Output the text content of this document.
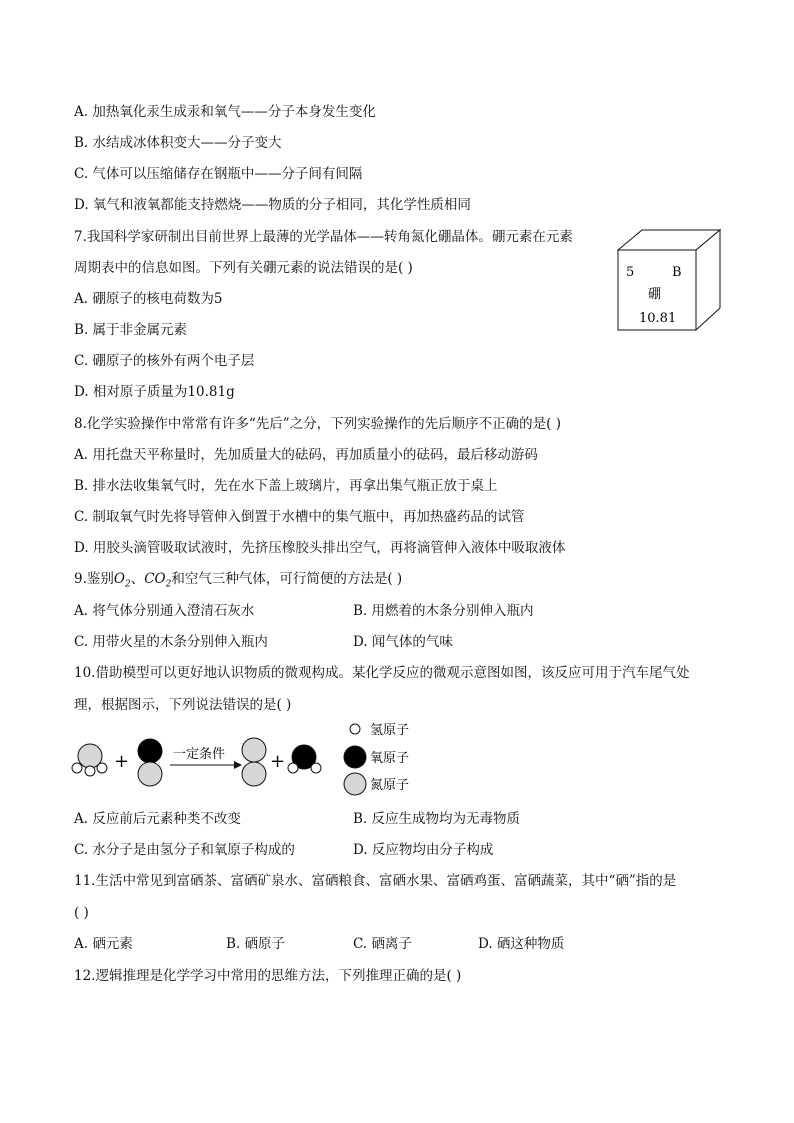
A. 加热氧化汞生成汞和氧气——分子本身发生变化
B. 水结成冰体积变大——分子变大
C. 气体可以压缩储存在钢瓶中——分子间有间隔
D. 氧气和液氧都能支持燃烧——物质的分子相同，其化学性质相同
7.我国科学家研制出目前世界上最薄的光学晶体——转角氮化硼晶体。硼元素在元素
周期表中的信息如图。下列有关硼元素的说法错误的是( )
A. 硼原子的核电荷数为5
B. 属于非金属元素
C. 硼原子的核外有两个电子层
D. 相对原子质量为10.81g
5	B
硼
10.81
8.化学实验操作中常常有许多“先后”之分，下列实验操作的先后顺序不正确的是( )
A. 用托盘天平称量时，先加质量大的砝码，再加质量小的砝码，最后移动游码
B. 排水法收集氧气时，先在水下盖上玻璃片，再拿出集气瓶正放于桌上
C. 制取氧气时先将导管伸入倒置于水槽中的集气瓶中，再加热盛药品的试管
D. 用胶头滴管吸取试液时，先挤压橡胶头排出空气，再将滴管伸入液体中吸取液体
9.鉴别$O_2$、$CO_2$和空气三种气体，可行简便的方法是( )
A. 将气体分别通入澄清石灰水	B. 用燃着的木条分别伸入瓶内
C. 用带火星的木条分别伸入瓶内	D. 闻气体的气味
10.借助模型可以更好地认识物质的微观构成。某化学反应的微观示意图如图，该反应可用于汽车尾气处
理，根据图示，下列说法错误的是( )
+	一定条件 +
氢原子
氧原子
氮原子
A. 反应前后元素种类不改变	B. 反应生成物均为无毒物质
C. 水分子是由氢分子和氧原子构成的	D. 反应物均由分子构成
11.生活中常见到富硒茶、富硒矿泉水、富硒粮食、富硒水果、富硒鸡蛋、富硒蔬菜，其中“硒”指的是
( )
A. 硒元素	B. 硒原子	C. 硒离子	D. 硒这种物质
12.逻辑推理是化学学习中常用的思维方法，下列推理正确的是( )
